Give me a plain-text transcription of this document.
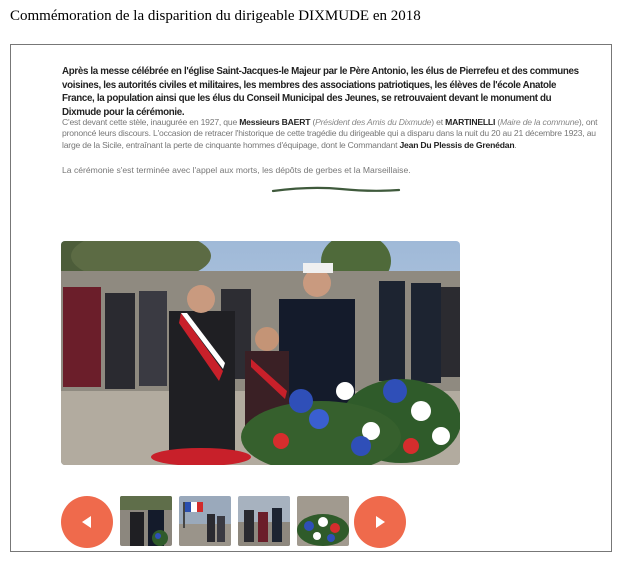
Commémoration de la disparition du dirigeable DIXMUDE en 2018
Après la messe célébrée en l'église Saint-Jacques-le Majeur par le Père Antonio, les élus de Pierrefeu et des communes voisines, les autorités civiles et militaires, les membres des associations patriotiques, les élèves de l'école Anatole France, la population ainsi que les élus du Conseil Municipal des Jeunes, se retrouvaient devant le monument du Dixmude pour la cérémonie.
C'est devant cette stèle, inaugurée en 1927, que Messieurs BAERT (Président des Amis du Dixmude) et MARTINELLI (Maire de la commune), ont prononcé leurs discours. L'occasion de retracer l'historique de cette tragédie du dirigeable qui a disparu dans la nuit du 20 au 21 décembre 1923, au large de la Sicile, entraînant la perte de cinquante hommes d'équipage, dont le Commandant Jean Du Plessis de Grenédan.
La cérémonie s'est terminée avec l'appel aux morts, les dépôts de gerbes et la Marseillaise.
